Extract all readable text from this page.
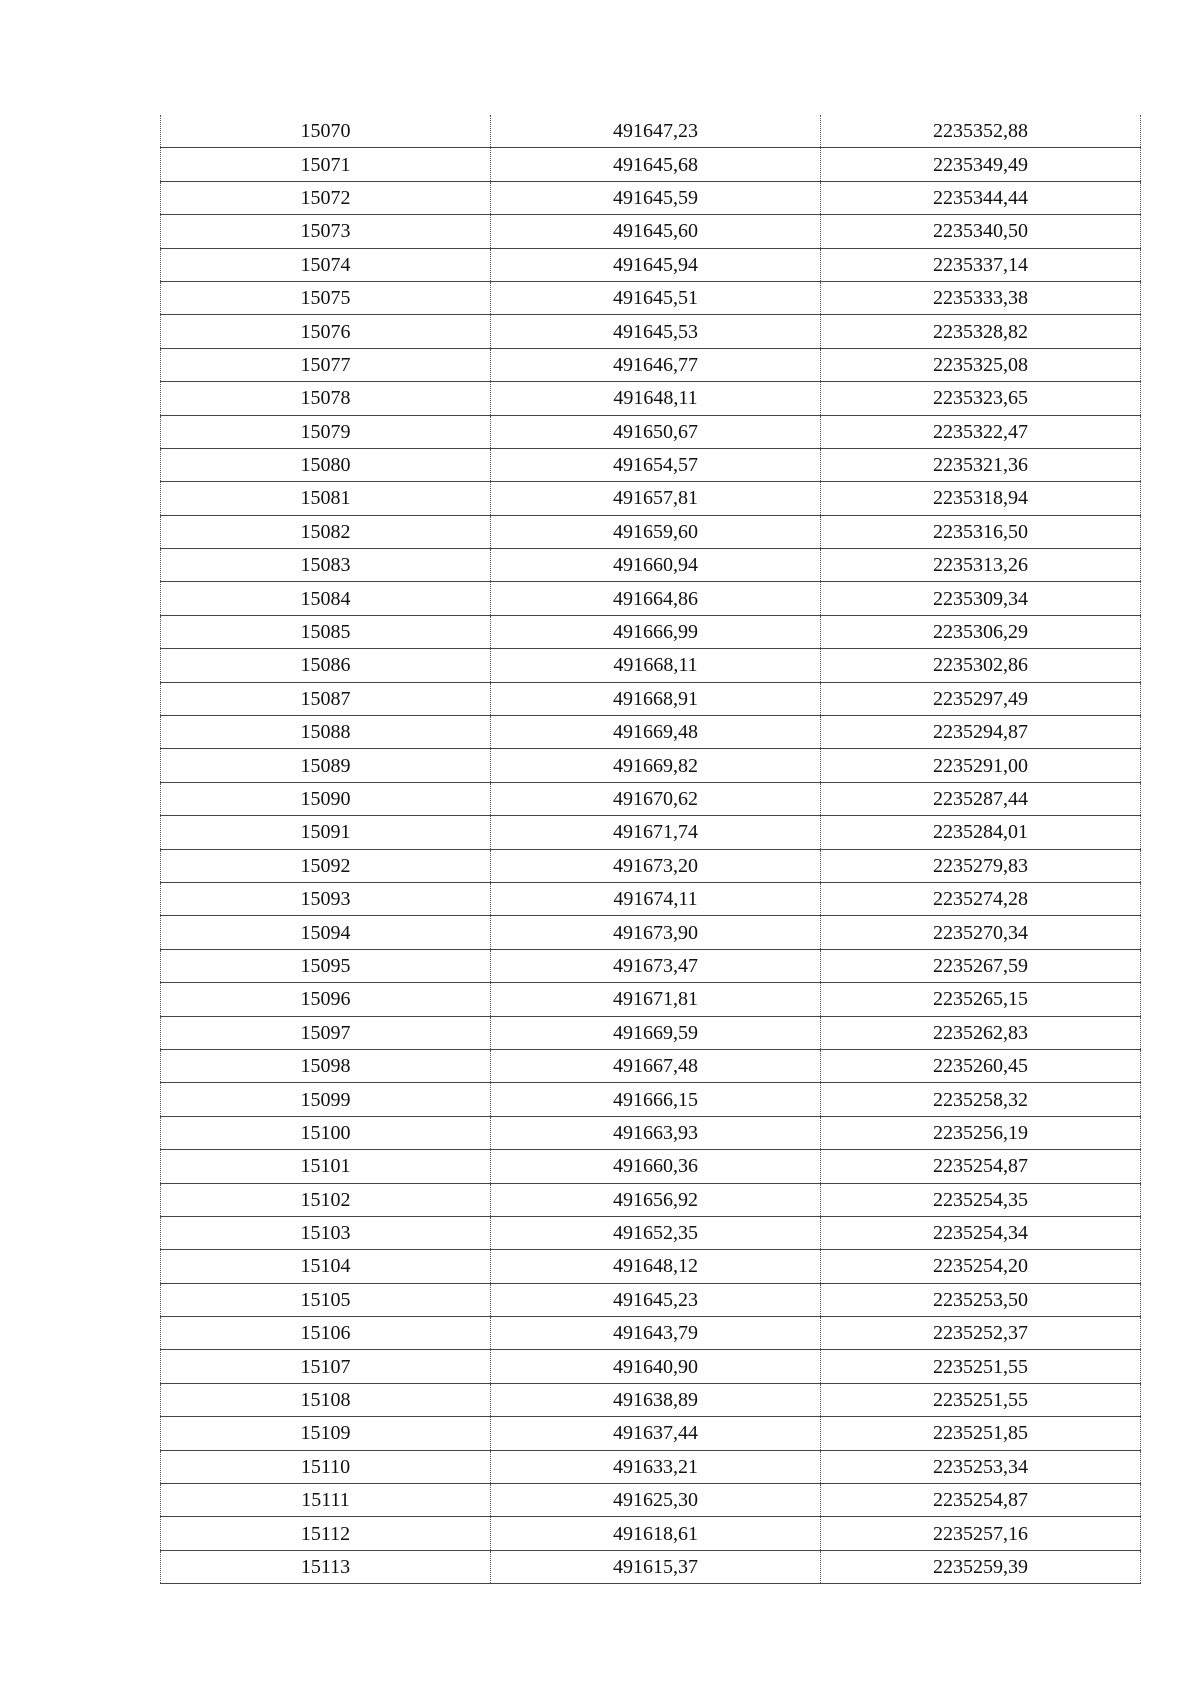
15070	491647,23	2235352,88
15071	491645,68	2235349,49
15072	491645,59	2235344,44
15073	491645,60	2235340,50
15074	491645,94	2235337,14
15075	491645,51	2235333,38
15076	491645,53	2235328,82
15077	491646,77	2235325,08
15078	491648,11	2235323,65
15079	491650,67	2235322,47
15080	491654,57	2235321,36
15081	491657,81	2235318,94
15082	491659,60	2235316,50
15083	491660,94	2235313,26
15084	491664,86	2235309,34
15085	491666,99	2235306,29
15086	491668,11	2235302,86
15087	491668,91	2235297,49
15088	491669,48	2235294,87
15089	491669,82	2235291,00
15090	491670,62	2235287,44
15091	491671,74	2235284,01
15092	491673,20	2235279,83
15093	491674,11	2235274,28
15094	491673,90	2235270,34
15095	491673,47	2235267,59
15096	491671,81	2235265,15
15097	491669,59	2235262,83
15098	491667,48	2235260,45
15099	491666,15	2235258,32
15100	491663,93	2235256,19
15101	491660,36	2235254,87
15102	491656,92	2235254,35
15103	491652,35	2235254,34
15104	491648,12	2235254,20
15105	491645,23	2235253,50
15106	491643,79	2235252,37
15107	491640,90	2235251,55
15108	491638,89	2235251,55
15109	491637,44	2235251,85
15110	491633,21	2235253,34
15111	491625,30	2235254,87
15112	491618,61	2235257,16
15113	491615,37	2235259,39
